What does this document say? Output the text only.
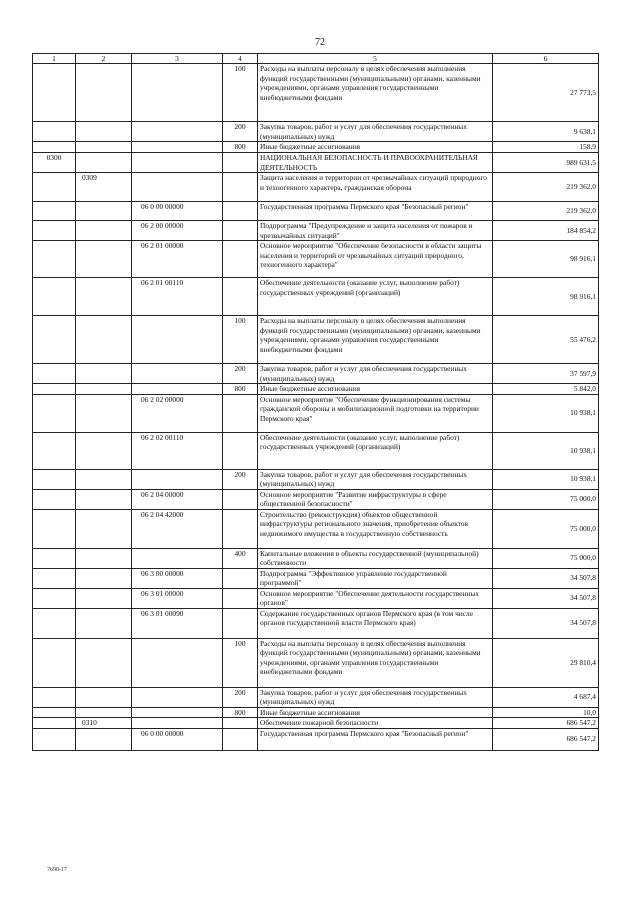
72
1	2	3	4	5	6
			100	Расходы на выплаты персоналу в целях обеспечения выполнения функций государственными (муниципальными) органами, казенными учреждениями, органами управления государственными внебюджетными фондами	27 773,5
			200	Закупка товаров, работ и услуг для обеспечения государственных (муниципальных) нужд	9 638,1
			800	Иные бюджетные ассигнования	158,9
0300				НАЦИОНАЛЬНАЯ БЕЗОПАСНОСТЬ И ПРАВООХРАНИТЕЛЬНАЯ ДЕЯТЕЛЬНОСТЬ	989 631,5
	0309			Защита населения и территории от чрезвычайных ситуаций природного и техногенного характера, гражданская оборона	219 362,0
		06 0 00 00000		Государственная программа Пермского края "Безопасный регион"	219 362,0
		06 2 00 00000		Подпрограмма "Предупреждение и защита населения от пожаров и чрезвычайных ситуаций"	184 854,2
		06 2 01 00000		Основное мероприятие "Обеспечение безопасности в области защиты населения и территорий от чрезвычайных ситуаций природного, техногенного характера"	98 916,1
		06 2 01 00110		Обеспечение деятельности (оказание услуг, выполнение работ) государственных учреждений (организаций)	98 916,1
			100	Расходы на выплаты персоналу в целях обеспечения выполнения функций государственными (муниципальными) органами, казенными учреждениями, органами управления государственными внебюджетными фондами	55 476,2
			200	Закупка товаров, работ и услуг для обеспечения государственных (муниципальных) нужд	37 597,9
			800	Иные бюджетные ассигнования	5 842,0
		06 2 02 00000		Основное мероприятие "Обеспечение функционирования системы гражданской обороны и мобилизационной подготовки на территории Пермского края"	10 938,1
		06 2 02 00110		Обеспечение деятельности (оказание услуг, выполнение работ) государственных учреждений (организаций)	10 938,1
			200	Закупка товаров, работ и услуг для обеспечения государственных (муниципальных) нужд	10 938,1
		06 2 04 00000		Основное мероприятие "Развитие инфраструктуры в сфере общественной безопасности"	75 000,0
		06 2 04 42000		Строительство (реконструкция) объектов общественной инфраструктуры регионального значения, приобретение объектов недвижимого имущества в государственную собственность	75 000,0
			400	Капитальные вложения в объекты государственной (муниципальной) собственности	75 000,0
		06 3 00 00000		Подпрограмма "Эффективное управление государственной программой"	34 507,8
		06 3 01 00000		Основное мероприятие "Обеспечение деятельности государственных органов"	34 507,8
		06 3 01 00090		Содержание государственных органов Пермского края (в том числе органов государственной власти Пермского края)	34 507,8
			100	Расходы на выплаты персоналу в целях обеспечения выполнения функций государственными (муниципальными) органами, казенными учреждениями, органами управления государственными внебюджетными фондами	29 810,4
			200	Закупка товаров, работ и услуг для обеспечения государственных (муниципальных) нужд	4 687,4
			800	Иные бюджетные ассигнования	10,0
	0310			Обеспечение пожарной безопасности	686 547,2
		06 0 00 00000		Государственная программа Пермского края "Безопасный регион"	686 547,2
7698-17
